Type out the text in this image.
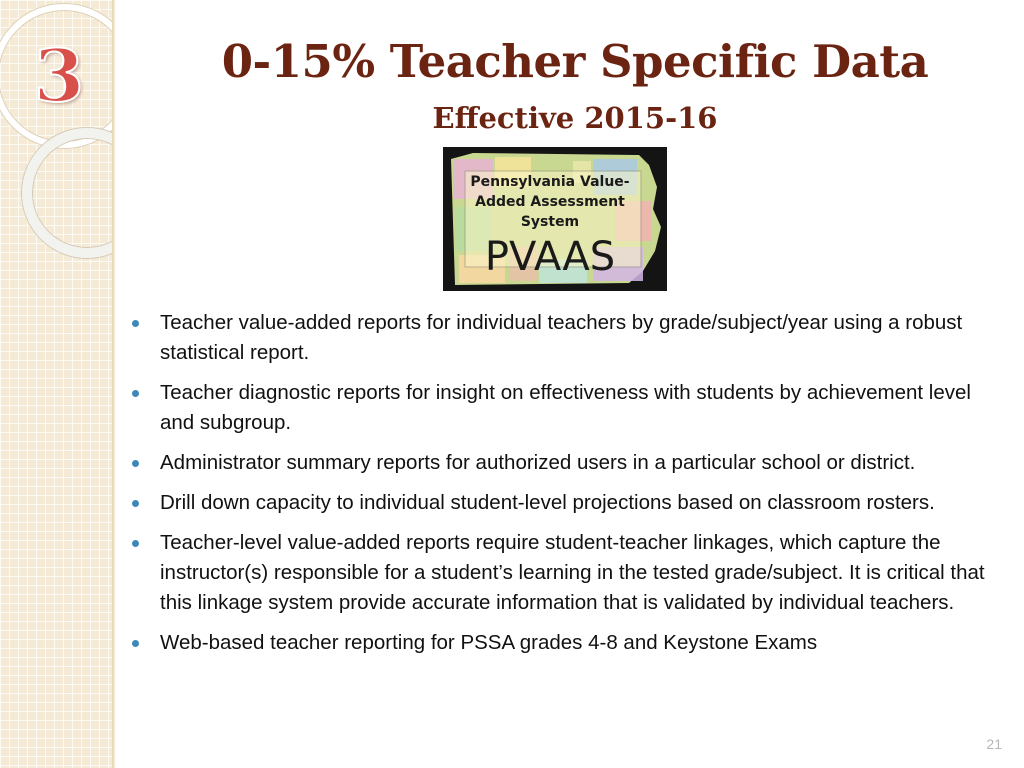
3	0-15% Teacher Specific Data
Effective 2015-16
Pennsylvania Value-
Added Assessment
System
PVAAS
Teacher value-added reports for individual teachers by grade/subject/year using a robust statistical report.
Teacher diagnostic reports for insight on effectiveness with students by achievement level and subgroup.
Administrator summary reports for authorized users in a particular school or district.
Drill down capacity to individual student-level projections based on classroom rosters.
Teacher-level value-added reports require student-teacher linkages, which capture the instructor(s) responsible for a student’s learning in the tested grade/subject. It is critical that this linkage system provide accurate information that is validated by individual teachers.
Web-based teacher reporting for PSSA grades 4-8 and Keystone Exams
21
